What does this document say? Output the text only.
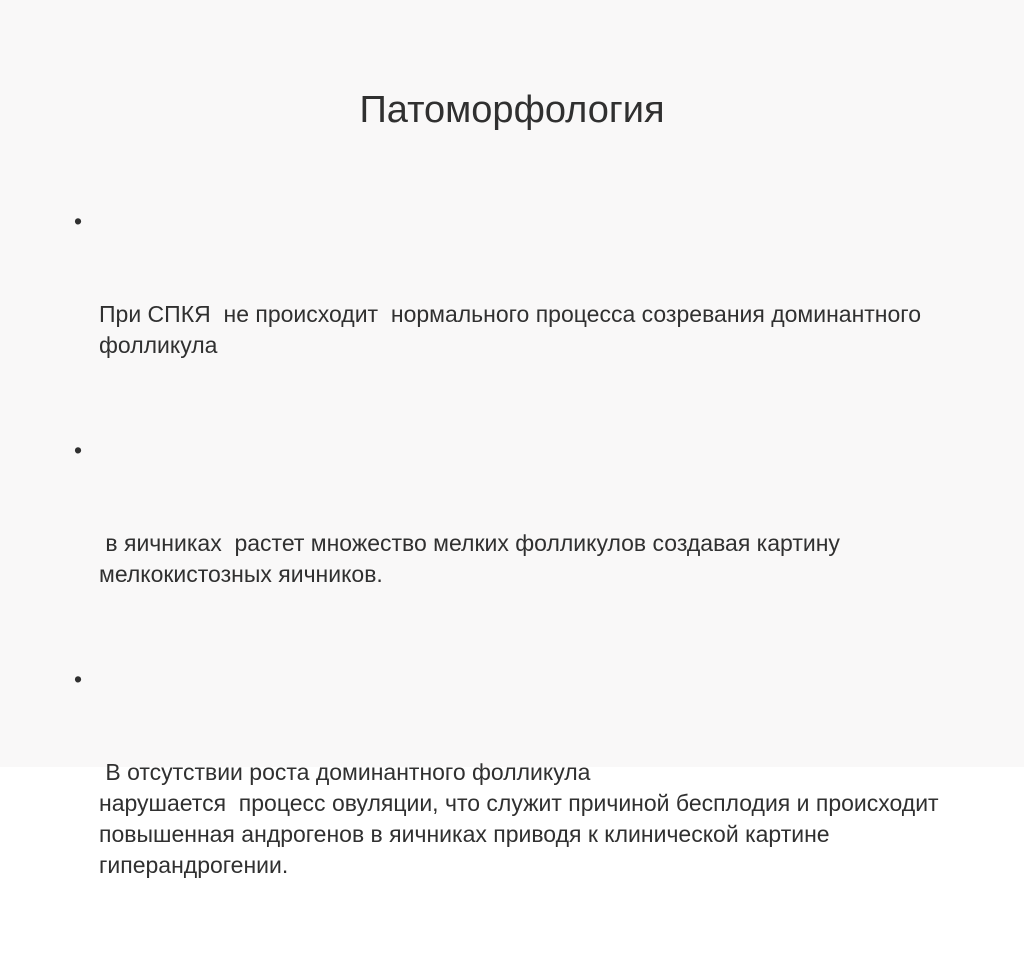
Патоморфология

•

При СПКЯ  не происходит  нормального процесса созревания доминантного фолликула

•

в яичниках  растет множество мелких фолликулов создавая картину мелкокистозных яичников.

•

В отсутствии роста доминантного фолликула
нарушается  процесс овуляции, что служит причиной бесплодия и происходит повышенная андрогенов в яичниках приводя к клинической картине гиперандрогении.
